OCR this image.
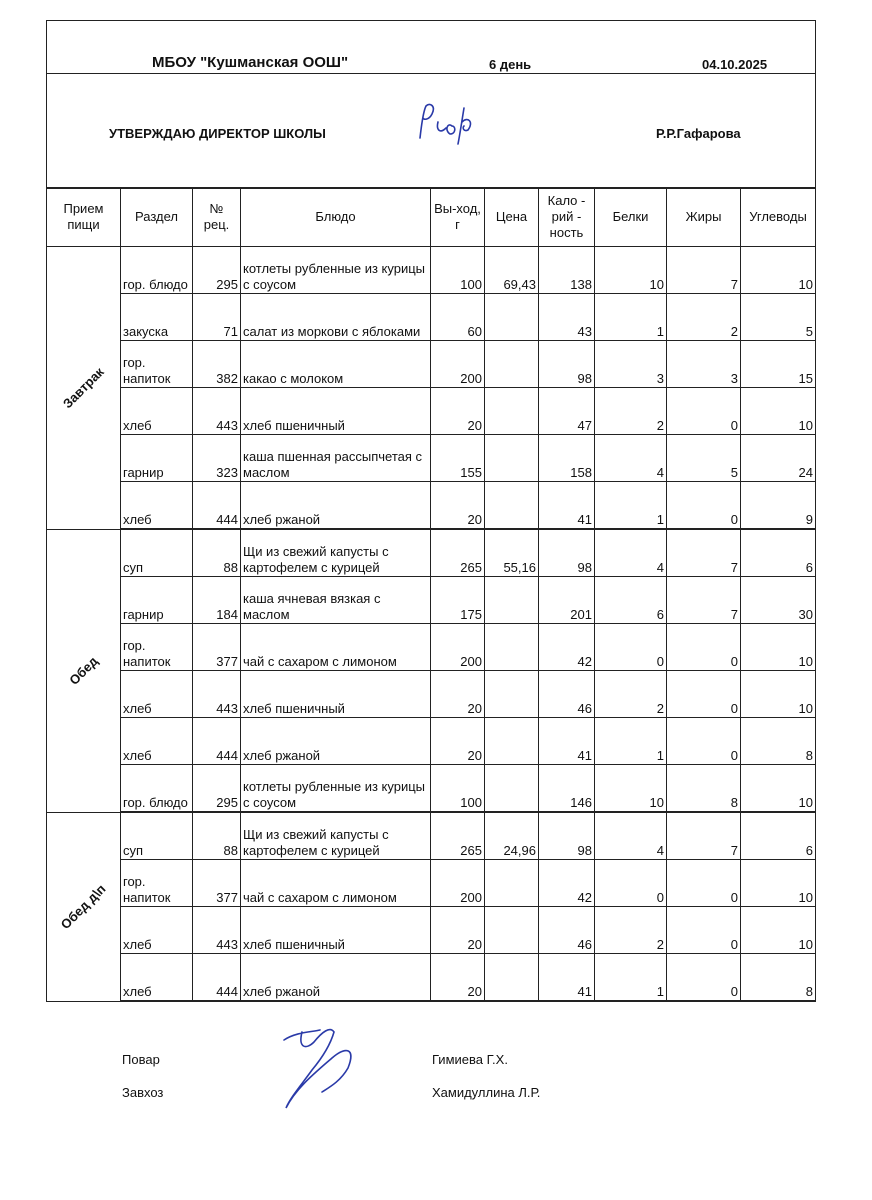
МБОУ "Кушманская ООШ"	6 день	04.10.2025
УТВЕРЖДАЮ ДИРЕКТОР ШКОЛЫ	Р.Р.Гафарова
Прием пищи	Раздел	№ рец.	Блюдо	Вы-ход, г	Цена	Кало - рий - ность	Белки	Жиры	Углеводы
Завтрак	гор. блюдо	295	котлеты рубленные из курицы с соусом	100	69,43	138	10	7	10
	закуска	71	салат из моркови с яблоками	60		43	1	2	5
	гор. напиток	382	какао с молоком	200		98	3	3	15
	хлеб	443	хлеб пшеничный	20		47	2	0	10
	гарнир	323	каша пшенная рассыпчетая с маслом	155		158	4	5	24
	хлеб	444	хлеб ржаной	20		41	1	0	9
Обед	суп	88	Щи из свежий капусты с картофелем с курицей	265	55,16	98	4	7	6
	гарнир	184	каша ячневая вязкая с маслом	175		201	6	7	30
	гор. напиток	377	чай с сахаром с лимоном	200		42	0	0	10
	хлеб	443	хлеб пшеничный	20		46	2	0	10
	хлеб	444	хлеб ржаной	20		41	1	0	8
	гор. блюдо	295	котлеты рубленные из курицы с соусом	100		146	10	8	10
Обед д\п	суп	88	Щи из свежий капусты с картофелем с курицей	265	24,96	98	4	7	6
	гор. напиток	377	чай с сахаром с лимоном	200		42	0	0	10
	хлеб	443	хлеб пшеничный	20		46	2	0	10
	хлеб	444	хлеб ржаной	20		41	1	0	8
Повар	Гимиева Г.Х.
Завхоз	Хамидуллина Л.Р.
